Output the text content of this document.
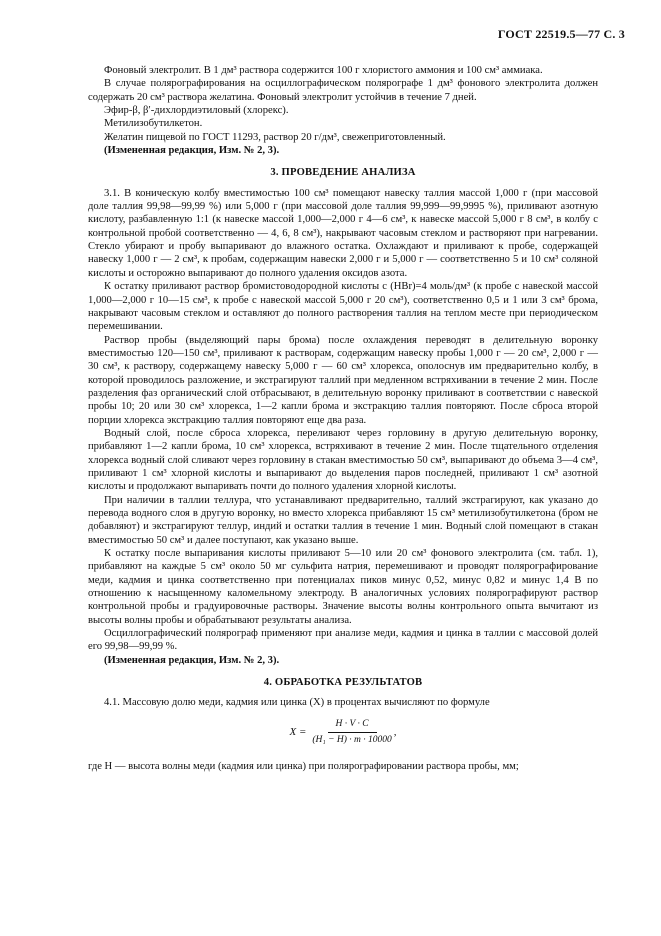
ГОСТ 22519.5—77 С. 3

Фоновый электролит. В 1 дм³ раствора содержится 100 г хлористого аммония и 100 см³ аммиака.

В случае полярографирования на осциллографическом полярографе 1 дм³ фонового электролита должен содержать 20 см³ раствора желатина. Фоновый электролит устойчив в течение 7 дней.

Эфир-β, β′-дихлордиэтиловый (хлорекс).

Метилизобутилкетон.

Желатин пищевой по ГОСТ 11293, раствор 20 г/дм³, свежеприготовленный.

(Измененная редакция, Изм. № 2, 3).

3. ПРОВЕДЕНИЕ АНАЛИЗА

3.1. В коническую колбу вместимостью 100 см³ помещают навеску таллия массой 1,000 г (при массовой доле таллия 99,98—99,99 %) или 5,000 г (при массовой доле таллия 99,999—99,9995 %), приливают азотную кислоту, разбавленную 1:1 (к навеске массой 1,000—2,000 г 4—6 см³, к навеске массой 5,000 г 8 см³, в колбу с контрольной пробой соответственно — 4, 6, 8 см³), накрывают часовым стеклом и растворяют при нагревании. Стекло убирают и пробу выпаривают до влажного остатка. Охлаждают и приливают к пробе, содержащей навеску 1,000 г — 2 см³, к пробам, содержащим навески 2,000 г и 5,000 г — соответственно 5 и 10 см³ соляной кислоты и осторожно выпаривают до полного удаления оксидов азота.

К остатку приливают раствор бромистоводородной кислоты с (HBr)=4 моль/дм³ (к пробе с навеской массой 1,000—2,000 г 10—15 см³, к пробе с навеской массой 5,000 г 20 см³), соответственно 0,5 и 1 или 3 см³ брома, накрывают часовым стеклом и оставляют до полного растворения таллия на теплом месте при периодическом перемешивании.

Раствор пробы (выделяющий пары брома) после охлаждения переводят в делительную воронку вместимостью 120—150 см³, приливают к растворам, содержащим навеску пробы 1,000 г — 20 см³, 2,000 г — 30 см³, к раствору, содержащему навеску 5,000 г — 60 см³ хлорекса, ополоснув им предварительно колбу, в которой проводилось разложение, и экстрагируют таллий при медленном встряхивании в течение 2 мин. После разделения фаз органический слой отбрасывают, в делительную воронку приливают в соответствии с навеской пробы 10; 20 или 30 см³ хлорекса, 1—2 капли брома и экстракцию таллия повторяют. После сброса второй порции хлорекса экстракцию таллия повторяют еще два раза.

Водный слой, после сброса хлорекса, переливают через горловину в другую делительную воронку, прибавляют 1—2 капли брома, 10 см³ хлорекса, встряхивают в течение 2 мин. После тщательного отделения хлорекса водный слой сливают через горловину в стакан вместимостью 50 см³, выпаривают до объема 3—4 см³, приливают 1 см³ хлорной кислоты и выпаривают до выделения паров последней, приливают 1 см³ азотной кислоты и продолжают выпаривать почти до полного удаления хлорной кислоты.

При наличии в таллии теллура, что устанавливают предварительно, таллий экстрагируют, как указано до перевода водного слоя в другую воронку, но вместо хлорекса прибавляют 15 см³ метилизобутилкетона (бром не добавляют) и экстрагируют теллур, индий и остатки таллия в течение 1 мин. Водный слой помещают в стакан вместимостью 50 см³ и далее поступают, как указано выше.

К остатку после выпаривания кислоты приливают 5—10 или 20 см³ фонового электролита (см. табл. 1), прибавляют на каждые 5 см³ около 50 мг сульфита натрия, перемешивают и проводят полярографирование меди, кадмия и цинка соответственно при потенциалах пиков минус 0,52, минус 0,82 и минус 1,4 В по отношению к насыщенному каломельному электроду. В аналогичных условиях полярографируют раствор контрольной пробы и градуировочные растворы. Значение высоты волны контрольного опыта вычитают из высоты волны пробы и обрабатывают результаты анализа.

Осциллографический полярограф применяют при анализе меди, кадмия и цинка в таллии с массовой долей его 99,98—99,99 %.

(Измененная редакция, Изм. № 2, 3).

4. ОБРАБОТКА РЕЗУЛЬТАТОВ

4.1. Массовую долю меди, кадмия или цинка (X) в процентах вычисляют по формуле

$X = \frac{H \cdot V \cdot C}{\text{(H₁ − H) · m · 10000}}$ ,

где H — высота волны меди (кадмия или цинка) при полярографировании раствора пробы, мм;
